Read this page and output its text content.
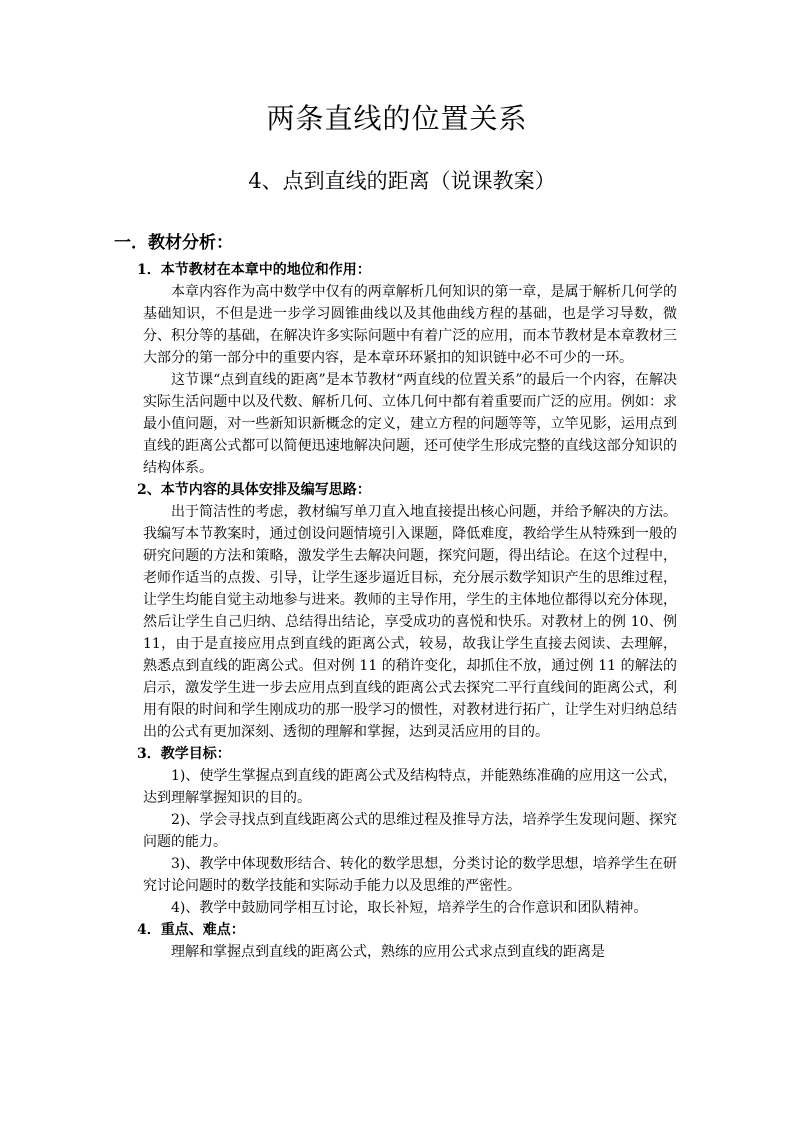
两条直线的位置关系
4、点到直线的距离（说课教案）
一．教材分析：

1．本节教材在本章中的地位和作用：

本章内容作为高中数学中仅有的两章解析几何知识的第一章，是属于解析几何学的基础知识，不但是进一步学习圆锥曲线以及其他曲线方程的基础，也是学习导数，微分、积分等的基础，在解决许多实际问题中有着广泛的应用，而本节教材是本章教材三大部分的第一部分中的重要内容，是本章环环紧扣的知识链中必不可少的一环。

这节课“点到直线的距离”是本节教材“两直线的位置关系”的最后一个内容，在解决实际生活问题中以及代数、解析几何、立体几何中都有着重要而广泛的应用。例如：求最小值问题，对一些新知识新概念的定义，建立方程的问题等等，立竿见影，运用点到直线的距离公式都可以简便迅速地解决问题，还可使学生形成完整的直线这部分知识的结构体系。

2、本节内容的具体安排及编写思路：

出于简洁性的考虑，教材编写单刀直入地直接提出核心问题，并给予解决的方法。我编写本节教案时，通过创设问题情境引入课题，降低难度，教给学生从特殊到一般的研究问题的方法和策略，激发学生去解决问题，探究问题，得出结论。在这个过程中，老师作适当的点拨、引导，让学生逐步逼近目标，充分展示数学知识产生的思维过程，让学生均能自觉主动地参与进来。教师的主导作用，学生的主体地位都得以充分体现，然后让学生自己归纳、总结得出结论，享受成功的喜悦和快乐。对教材上的例 10、例 11，由于是直接应用点到直线的距离公式，较易，故我让学生直接去阅读、去理解，熟悉点到直线的距离公式。但对例 11 的稍许变化，却抓住不放，通过例 11 的解法的启示，激发学生进一步去应用点到直线的距离公式去探究二平行直线间的距离公式，利用有限的时间和学生刚成功的那一股学习的惯性，对教材进行拓广，让学生对归纳总结出的公式有更加深刻、透彻的理解和掌握，达到灵活应用的目的。

3．教学目标：

1)、使学生掌握点到直线的距离公式及结构特点，并能熟练准确的应用这一公式，达到理解掌握知识的目的。

2)、学会寻找点到直线距离公式的思维过程及推导方法，培养学生发现问题、探究问题的能力。

3)、教学中体现数形结合、转化的数学思想，分类讨论的数学思想，培养学生在研究讨论问题时的数学技能和实际动手能力以及思维的严密性。

4)、教学中鼓励同学相互讨论，取长补短，培养学生的合作意识和团队精神。

4．重点、难点：

理解和掌握点到直线的距离公式，熟练的应用公式求点到直线的距离是
